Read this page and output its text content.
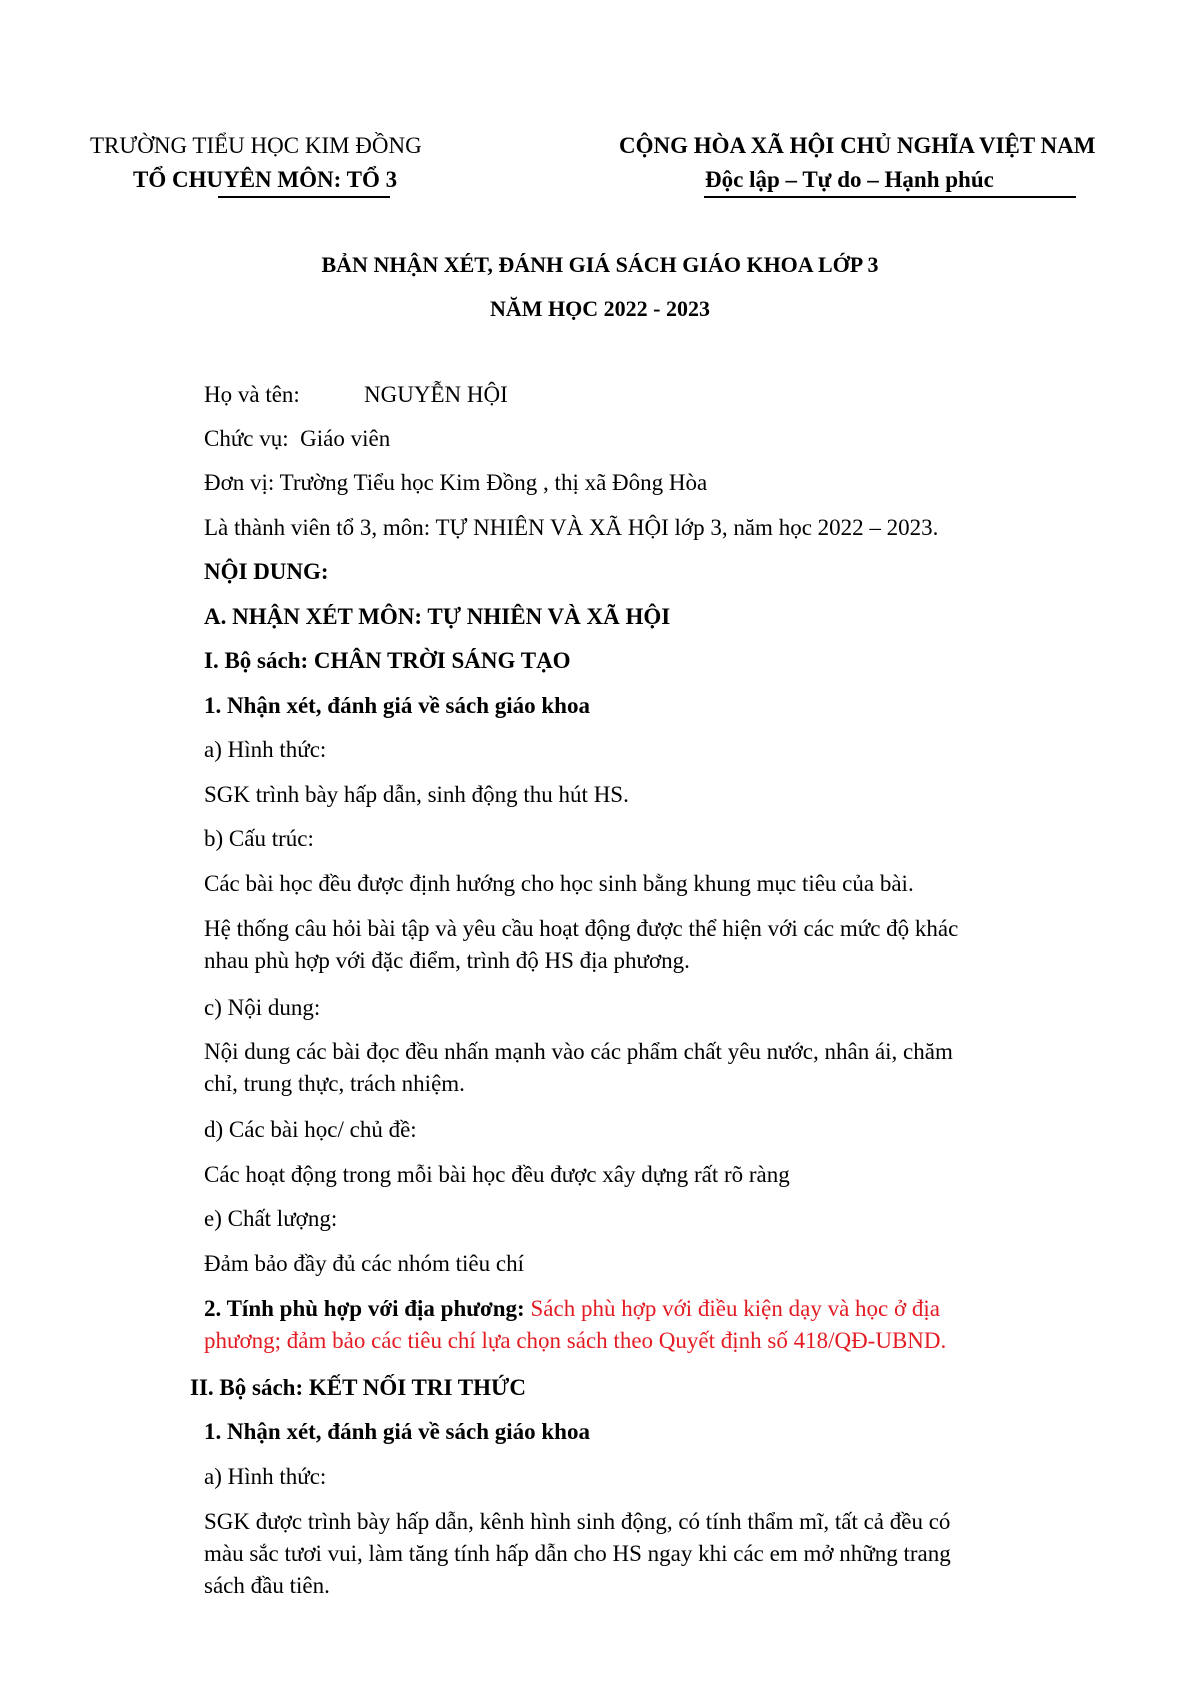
TRƯỜNG TIỂU HỌC KIM ĐỒNG
TỔ CHUYÊN MÔN: TỔ 3
CỘNG HÒA XÃ HỘI CHỦ NGHĨA VIỆT NAM
Độc lập – Tự do – Hạnh phúc
BẢN NHẬN XÉT, ĐÁNH GIÁ SÁCH GIÁO KHOA LỚP 3
NĂM HỌC 2022 - 2023
Họ và tên:	NGUYỄN HỘI
Chức vụ: Giáo viên
Đơn vị: Trường Tiểu học Kim Đồng , thị xã Đông Hòa
Là thành viên tổ 3, môn: TỰ NHIÊN VÀ XÃ HỘI lớp 3, năm học 2022 – 2023.
NỘI DUNG:
A. NHẬN XÉT MÔN: TỰ NHIÊN VÀ XÃ HỘI
I. Bộ sách: CHÂN TRỜI SÁNG TẠO
1. Nhận xét, đánh giá về sách giáo khoa
a) Hình thức:
SGK trình bày hấp dẫn, sinh động thu hút HS.
b) Cấu trúc:
Các bài học đều được định hướng cho học sinh bằng khung mục tiêu của bài.
Hệ thống câu hỏi bài tập và yêu cầu hoạt động được thể hiện với các mức độ khác
nhau phù hợp với đặc điểm, trình độ HS địa phương.
c) Nội dung:
Nội dung các bài đọc đều nhấn mạnh vào các phẩm chất yêu nước, nhân ái, chăm
chỉ, trung thực, trách nhiệm.
d) Các bài học/ chủ đề:
Các hoạt động trong mỗi bài học đều được xây dựng rất rõ ràng
e) Chất lượng:
Đảm bảo đầy đủ các nhóm tiêu chí
2. Tính phù hợp với địa phương: Sách phù hợp với điều kiện dạy và học ở địa
phương; đảm bảo các tiêu chí lựa chọn sách theo Quyết định số 418/QĐ-UBND.
II. Bộ sách: KẾT NỐI TRI THỨC
1. Nhận xét, đánh giá về sách giáo khoa
a) Hình thức:
SGK được trình bày hấp dẫn, kênh hình sinh động, có tính thẩm mĩ, tất cả đều có
màu sắc tươi vui, làm tăng tính hấp dẫn cho HS ngay khi các em mở những trang
sách đầu tiên.
